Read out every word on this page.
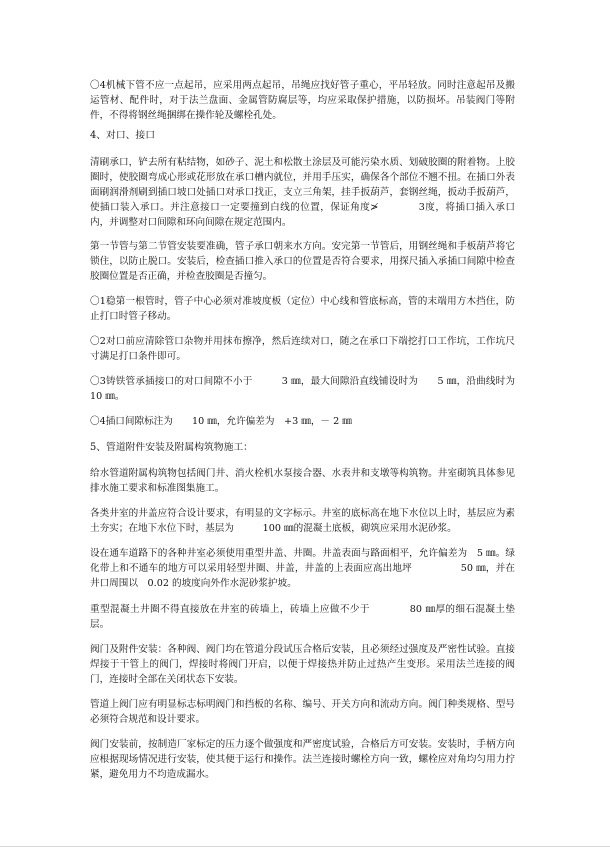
〇4机械下管不应一点起吊，应采用两点起吊，吊绳应找好管子重心，平吊轻放。同时注意起吊及搬运管材、配件时，对于法兰盘面、金属管防腐层等，均应采取保护措施，以防损坏。吊装阀门等附件，不得将钢丝绳捆绑在操作轮及螺栓孔处。

4、对口、接口

清刷承口，铲去所有粘结物，如砂子、泥土和松散土涂层及可能污染水质、划破胶圈的附着物。上胶圈时，使胶圈弯成心形或花形放在承口槽内就位，并用手压实，确保各个部位不翘不扭。在插口外表面刷润滑剂刷到插口坡口处插口对承口找正，支立三角架，挂手扳葫芦，套钢丝绳，扳动手扳葫芦，使插口装入承口。并注意接口一定要撞到白线的位置，保证角度≯　　　　3度，将插口插入承口内，并调整对口间隙和环向间隙在规定范围内。

第一节管与第二节管安装要准确，管子承口朝来水方向。安完第一节管后，用钢丝绳和手板葫芦将它锁住，以防止脱口。安装后，检查插口推入承口的位置是否符合要求，用探尺插入承插口间隙中检查胶圈位置是否正确，并检查胶圈是否撞匀。

〇1稳第一根管时，管子中心必须对准坡度板（定位）中心线和管底标高，管的末端用方木挡住，防止打口时管子移动。

〇2对口前应清除管口杂物并用抹布擦净，然后连续对口，随之在承口下端挖打口工作坑，工作坑尺寸满足打口条件即可。

〇3铸铁管承插接口的对口间隙不小于　　　3 ㎜，最大间隙沿直线铺设时为　　5 ㎜，沿曲线时为　10 ㎜。

〇4插口间隙标注为　　10 ㎜，允许偏差为　+3 ㎜，－ 2 ㎜

5、管道附件安装及附属构筑物施工：

给水管道附属构筑物包括阀门井、消火栓机水泵接合器、水表井和支墩等构筑物。井室砌筑具体参见排水施工要求和标准图集施工。

各类井室的井盖应符合设计要求，有明显的文字标示。井室的底标高在地下水位以上时，基层应为素土夯实；在地下水位下时，基层为　　　100 ㎜的混凝土底板，砌筑应采用水泥砂浆。

设在通车道路下的各种井室必须使用重型井盖、井圈。井盖表面与路面相平，允许偏差为　5 ㎜。绿化带上和不通车的地方可以采用轻型井圈、井盖，井盖的上表面应高出地坪　　　　　50 ㎜，并在井口周围以　0.02 的坡度向外作水泥砂浆护坡。

重型混凝土井圈不得直接放在井室的砖墙上，砖墙上应做不少于　　　　80 ㎜厚的细石混凝土垫层。

阀门及附件安装：各种阀、阀门均在管道分段试压合格后安装，且必须经过强度及严密性试验。直接焊接于干管上的阀门，焊接时将阀门开启，以便于焊接热并防止过热产生变形。采用法兰连接的阀门，连接时全部在关闭状态下安装。

管道上阀门应有明显标志标明阀门和挡板的名称、编号、开关方向和流动方向。阀门种类规格、型号必须符合规范和设计要求。

阀门安装前，按制造厂家标定的压力逐个做强度和严密度试验，合格后方可安装。安装时，手柄方向应根据现场情况进行安装，使其便于运行和操作。法兰连接时螺栓方向一致，螺栓应对角均匀用力拧紧，避免用力不均造成漏水。
